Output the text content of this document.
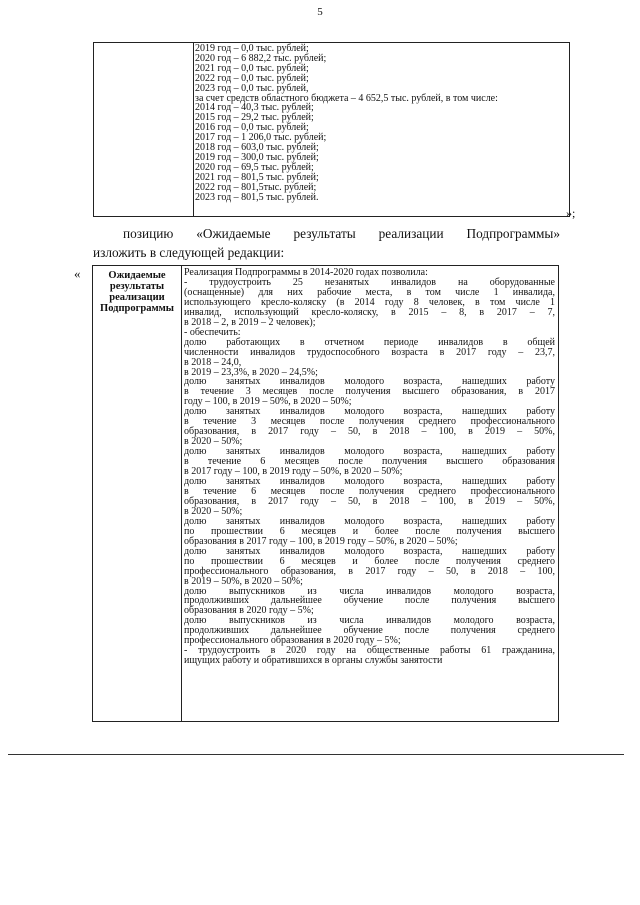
5
2019 год – 0,0 тыс. рублей;
2020 год – 6 882,2 тыс. рублей;
2021 год – 0,0 тыс. рублей;
2022 год – 0,0 тыс. рублей;
2023 год – 0,0 тыс. рублей,
за счет средств областного бюджета – 4 652,5 тыс. рублей, в том числе:
2014 год – 40,3 тыс. рублей;
2015 год – 29,2 тыс. рублей;
2016 год – 0,0 тыс. рублей;
2017 год – 1 206,0 тыс. рублей;
2018 год – 603,0 тыс. рублей;
2019 год – 300,0 тыс. рублей;
2020 год – 69,5 тыс. рублей;
2021 год – 801,5 тыс. рублей;
2022 год – 801,5тыс. рублей;
2023 год – 801,5 тыс. рублей.
»;
позицию «Ожидаемые результаты реализации Подпрограммы»
изложить в следующей редакции:
«	Ожидаемые результаты реализации Подпрограммы
Реализация Подпрограммы в 2014-2020 годах позволила:
- трудоустроить 25 незанятых инвалидов на оборудованные
(оснащенные) для них рабочие места, в том числе 1 инвалида,
использующего кресло-коляску (в 2014 году 8 человек, в том числе 1
инвалид, использующий кресло-коляску, в 2015 – 8, в 2017 – 7,
в 2018 – 2, в 2019 – 2 человек);
- обеспечить:
долю работающих в отчетном периоде инвалидов в общей
численности инвалидов трудоспособного возраста в 2017 году – 23,7,
в 2018 – 24,0,
в 2019 – 23,3%, в 2020 – 24,5%;
долю занятых инвалидов молодого возраста, нашедших работу
в течение 3 месяцев после получения высшего образования, в 2017
году – 100, в 2019 – 50%, в 2020 – 50%;
долю занятых инвалидов молодого возраста, нашедших работу
в течение 3 месяцев после получения среднего профессионального
образования, в 2017 году – 50, в 2018 – 100, в 2019 – 50%,
в 2020 – 50%;
долю занятых инвалидов молодого возраста, нашедших работу
в течение 6 месяцев после получения высшего образования
в 2017 году – 100, в 2019 году – 50%, в 2020 – 50%;
долю занятых инвалидов молодого возраста, нашедших работу
в течение 6 месяцев после получения среднего профессионального
образования, в 2017 году – 50, в 2018 – 100, в 2019 – 50%,
в 2020 – 50%;
долю занятых инвалидов молодого возраста, нашедших работу
по прошествии 6 месяцев и более после получения высшего
образования в 2017 году – 100, в 2019 году – 50%, в 2020 – 50%;
долю занятых инвалидов молодого возраста, нашедших работу
по прошествии 6 месяцев и более после получения среднего
профессионального образования, в 2017 году – 50, в 2018 – 100,
в 2019 – 50%, в 2020 – 50%;
долю выпускников из числа инвалидов молодого возраста,
продолживших дальнейшее обучение после получения высшего
образования в 2020 году – 5%;
долю выпускников из числа инвалидов молодого возраста,
продолживших дальнейшее обучение после получения среднего
профессионального образования в 2020 году – 5%;
- трудоустроить в 2020 году на общественные работы 61 гражданина,
ищущих работу и обратившихся в органы службы занятости
